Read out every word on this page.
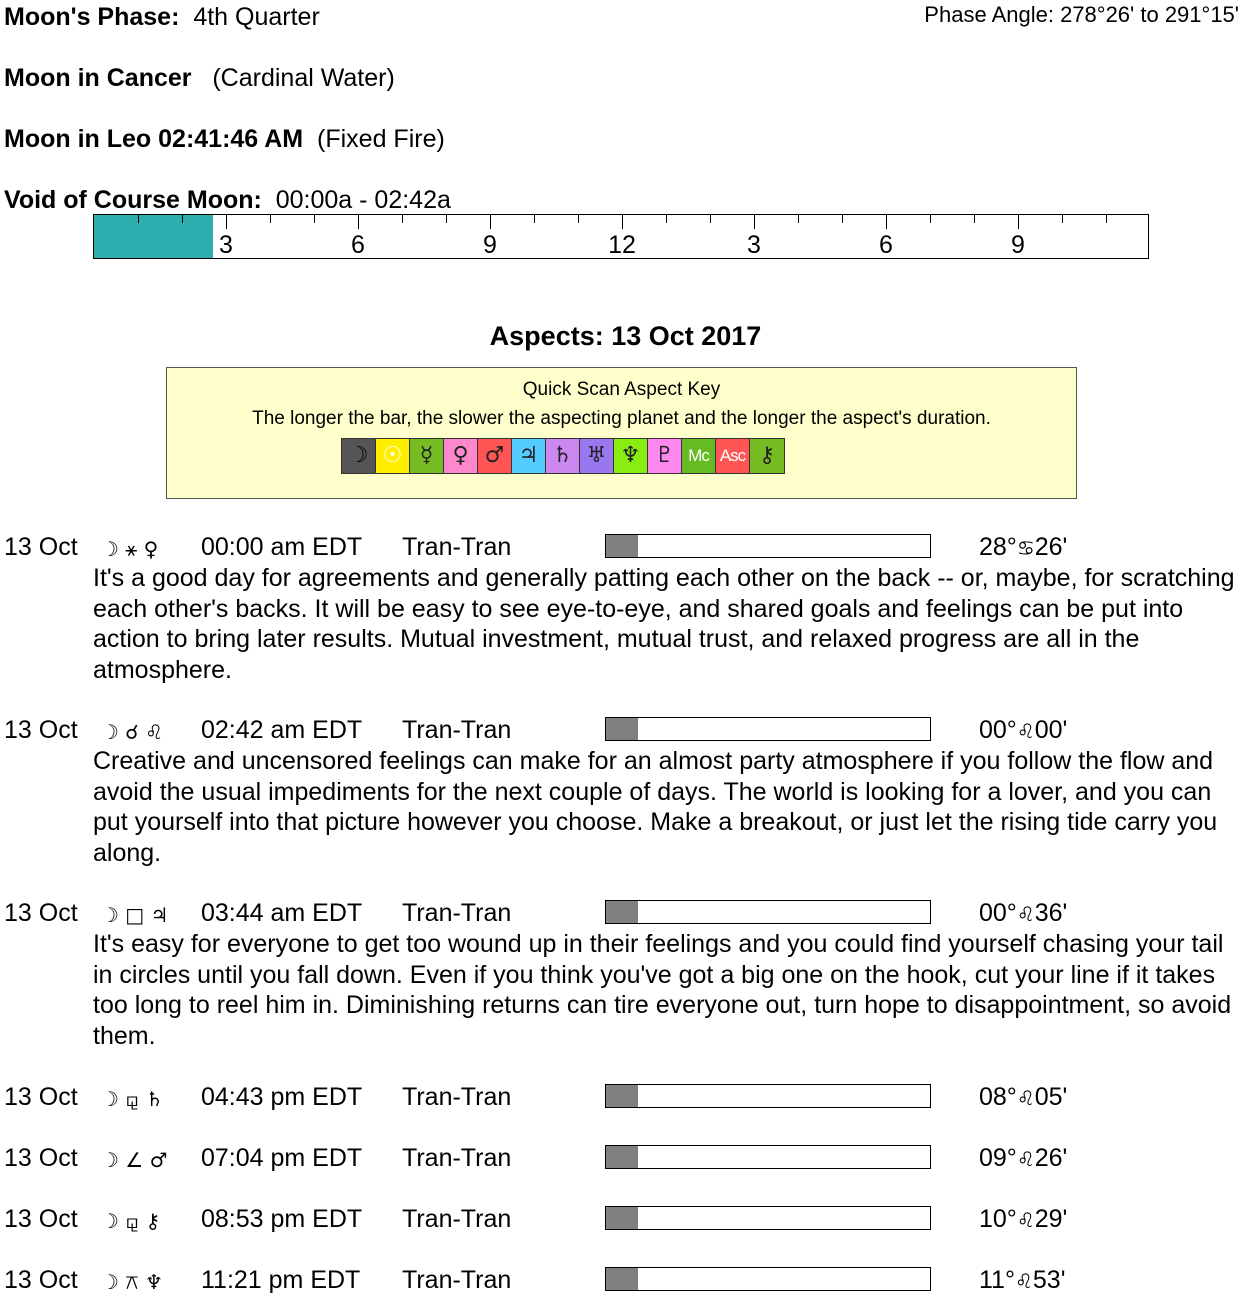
Moon's Phase: 4th Quarter	Phase Angle: 278°26' to 291°15'
Moon in Cancer (Cardinal Water)
Moon in Leo 02:41:46 AM (Fixed Fire)
Void of Course Moon: 00:00a - 02:42a
3	6	9	12	3	6	9
Aspects: 13 Oct 2017
Quick Scan Aspect Key
The longer the bar, the slower the aspecting planet and the longer the aspect's duration.
☽ ☉ ☿ ♀ ♂ ♃ ♄ ♅ ♆ ♇ Mc Asc ⚷
13 Oct ☽ ⚹ ♀ 00:00 am EDT Tran-Tran	28°♋26'
It's a good day for agreements and generally patting each other on the back -- or, maybe, for scratching each other's backs. It will be easy to see eye-to-eye, and shared goals and feelings can be put into action to bring later results. Mutual investment, mutual trust, and relaxed progress are all in the atmosphere.
13 Oct ☽ ☌ ♌ 02:42 am EDT Tran-Tran	00°♌00'
Creative and uncensored feelings can make for an almost party atmosphere if you follow the flow and avoid the usual impediments for the next couple of days. The world is looking for a lover, and you can put yourself into that picture however you choose. Make a breakout, or just let the rising tide carry you along.
13 Oct ☽ □ ♃ 03:44 am EDT Tran-Tran	00°♌36'
It's easy for everyone to get too wound up in their feelings and you could find yourself chasing your tail in circles until you fall down. Even if you think you've got a big one on the hook, cut your line if it takes too long to reel him in. Diminishing returns can tire everyone out, turn hope to disappointment, so avoid them.
13 Oct ☽ ⚼ ♄ 04:43 pm EDT Tran-Tran	08°♌05'
13 Oct ☽ ∠ ♂ 07:04 pm EDT Tran-Tran	09°♌26'
13 Oct ☽ ⚼ ⚷ 08:53 pm EDT Tran-Tran	10°♌29'
13 Oct ☽ ⚻ ♆ 11:21 pm EDT Tran-Tran	11°♌53'
